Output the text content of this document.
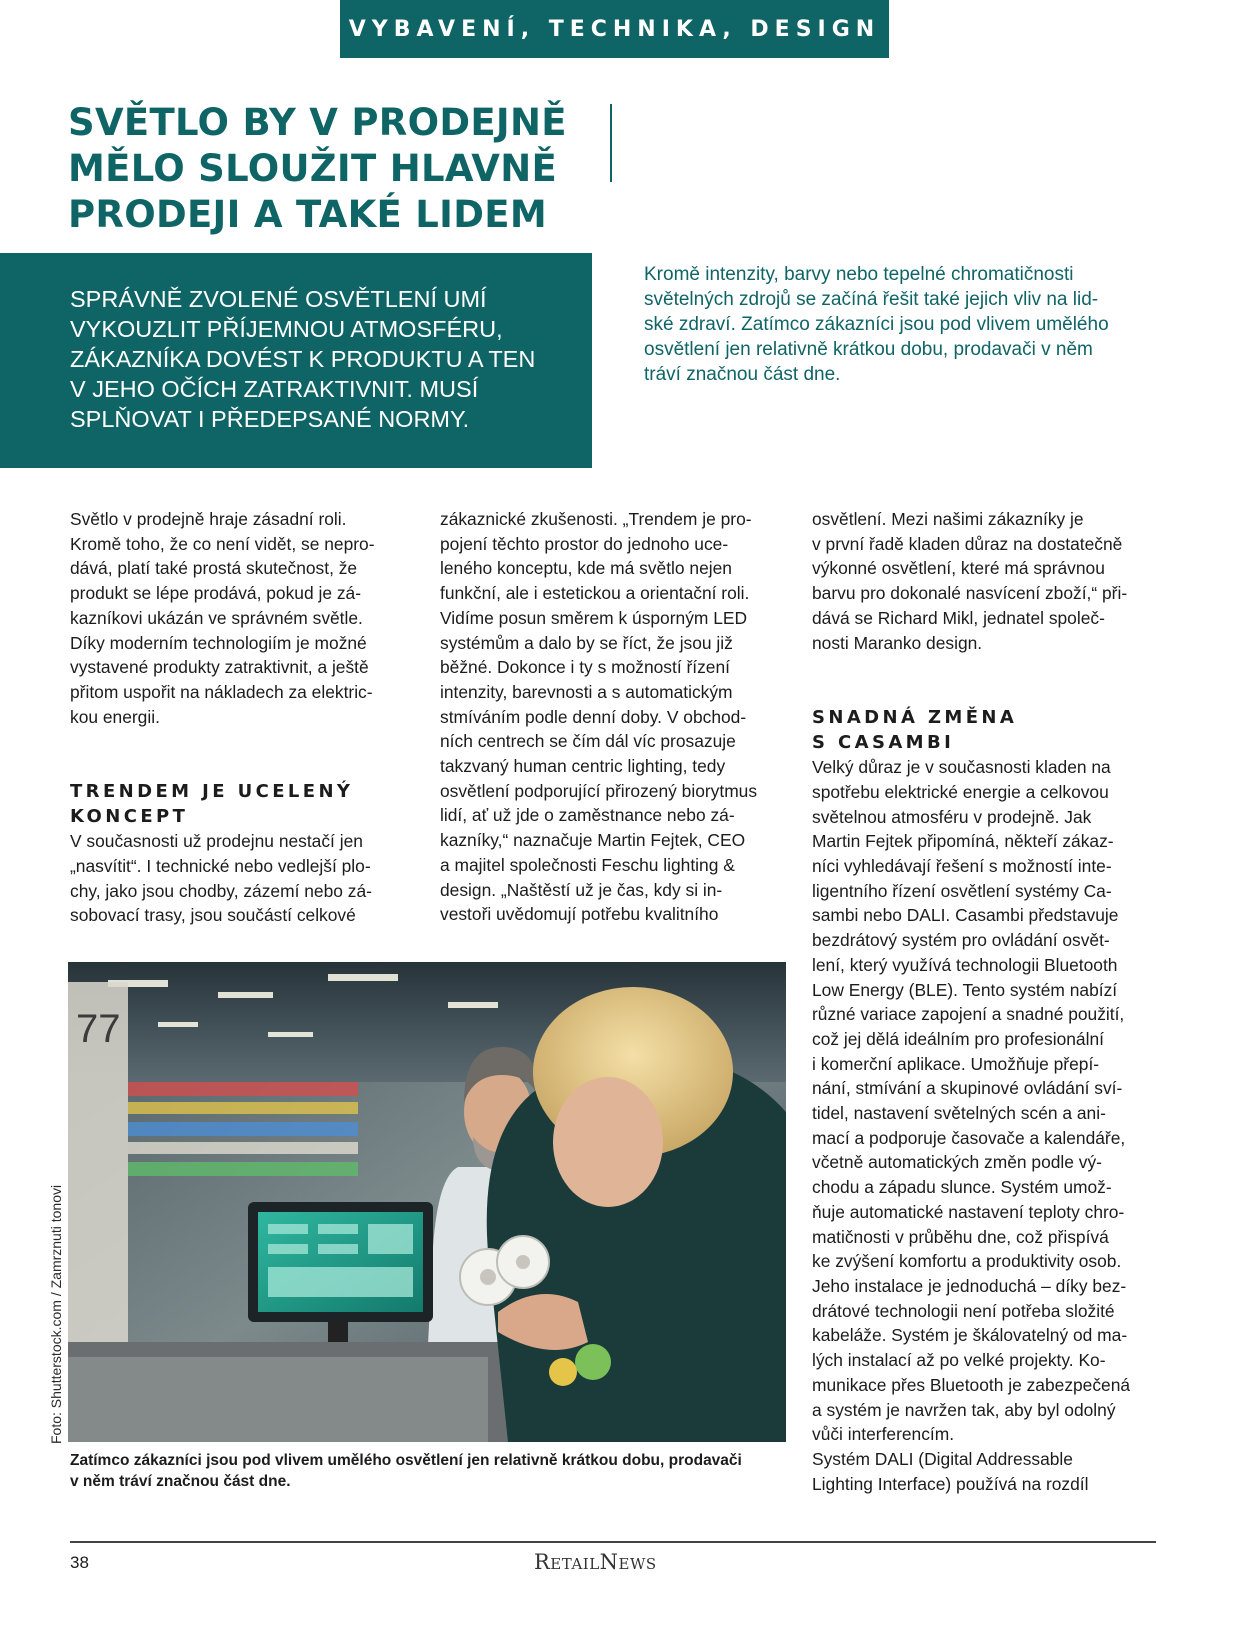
VYBAVENÍ, TECHNIKA, DESIGN
SVĚTLO BY V PRODEJNĚ
MĚLO SLOUŽIT HLAVNĚ
PRODEJI A TAKÉ LIDEM
SPRÁVNĚ ZVOLENÉ OSVĚTLENÍ UMÍ
VYKOUZLIT PŘÍJEMNOU ATMOSFÉRU,
ZÁKAZNÍKA DOVÉST K PRODUKTU A TEN
V JEHO OČÍCH ZATRAKTIVNIT. MUSÍ
SPLŇOVAT I PŘEDEPSANÉ NORMY.
Kromě intenzity, barvy nebo tepelné chromatičnosti
světelných zdrojů se začíná řešit také jejich vliv na lid-
ské zdraví. Zatímco zákazníci jsou pod vlivem umělého
osvětlení jen relativně krátkou dobu, prodavači v něm
tráví značnou část dne.

Světlo v prodejně hraje zásadní roli.
Kromě toho, že co není vidět, se nepro-
dává, platí také prostá skutečnost, že
produkt se lépe prodává, pokud je zá-
kazníkovi ukázán ve správném světle.
Díky moderním technologiím je možné
vystavené produkty zatraktivnit, a ještě
přitom uspořit na nákladech za elektric-
kou energii.

TRENDEM JE UCELENÝ
KONCEPT

V současnosti už prodejnu nestačí jen
„nasvítit“. I technické nebo vedlejší plo-
chy, jako jsou chodby, zázemí nebo zá-
sobovací trasy, jsou součástí celkové

zákaznické zkušenosti. „Trendem je pro-
pojení těchto prostor do jednoho uce-
leného konceptu, kde má světlo nejen
funkční, ale i estetickou a orientační roli.
Vidíme posun směrem k úsporným LED
systémům a dalo by se říct, že jsou již
běžné. Dokonce i ty s možností řízení
intenzity, barevnosti a s automatickým
stmíváním podle denní doby. V obchod-
ních centrech se čím dál víc prosazuje
takzvaný human centric lighting, tedy
osvětlení podporující přirozený biorytmus
lidí, ať už jde o zaměstnance nebo zá-
kazníky,“ naznačuje Martin Fejtek, CEO
a majitel společnosti Feschu lighting &
design. „Naštěstí už je čas, kdy si in-
vestoři uvědomují potřebu kvalitního

osvětlení. Mezi našimi zákazníky je
v první řadě kladen důraz na dostatečně
výkonné osvětlení, které má správnou
barvu pro dokonalé nasvícení zboží,“ při-
dává se Richard Mikl, jednatel společ-
nosti Maranko design.

SNADNÁ ZMĚNA
S CASAMBI

Velký důraz je v současnosti kladen na
spotřebu elektrické energie a celkovou
světelnou atmosféru v prodejně. Jak
Martin Fejtek připomíná, někteří zákaz-
níci vyhledávají řešení s možností inte-
ligentního řízení osvětlení systémy Ca-
sambi nebo DALI. Casambi představuje
bezdrátový systém pro ovládání osvět-
lení, který využívá technologii Bluetooth
Low Energy (BLE). Tento systém nabízí
různé variace zapojení a snadné použití,
což jej dělá ideálním pro profesionální
i komerční aplikace. Umožňuje přepí-
nání, stmívání a skupinové ovládání sví-
tidel, nastavení světelných scén a ani-
mací a podporuje časovače a kalendáře,
včetně automatických změn podle vý-
chodu a západu slunce. Systém umož-
ňuje automatické nastavení teploty chro-
matičnosti v průběhu dne, což přispívá
ke zvýšení komfortu a produktivity osob.
Jeho instalace je jednoduchá – díky bez-
drátové technologii není potřeba složité
kabeláže. Systém je škálovatelný od ma-
lých instalací až po velké projekty. Ko-
munikace přes Bluetooth je zabezpečená
a systém je navržen tak, aby byl odolný
vůči interferencím.
Systém DALI (Digital Addressable
Lighting Interface) používá na rozdíl

77
Foto: Shutterstock.com / Zamrznuti tonovi
Zatímco zákazníci jsou pod vlivem umělého osvětlení jen relativně krátkou dobu, prodavači
v něm tráví značnou část dne.
38	RetailNews
